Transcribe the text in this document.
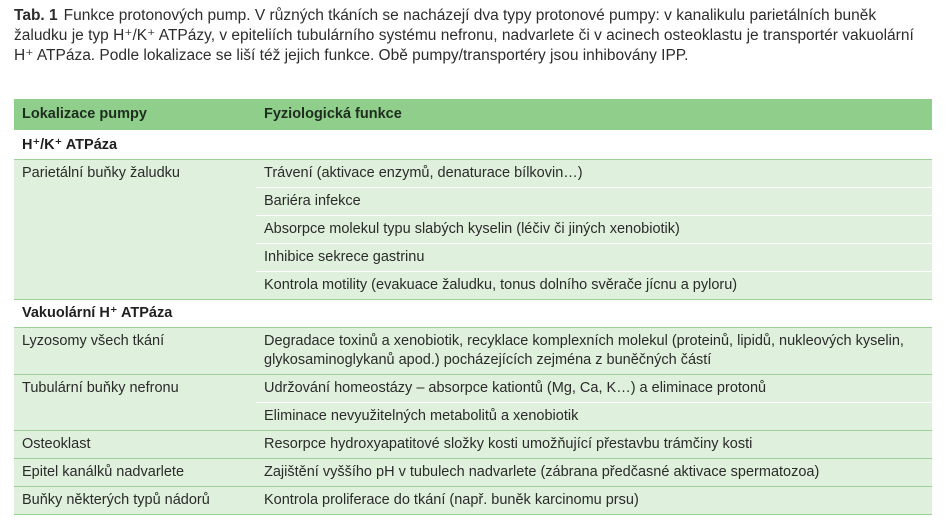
Tab. 1 Funkce protonových pump. V různých tkáních se nacházejí dva typy protonové pumpy: v kanalikulu parietálních buněk žaludku je typ H⁺/K⁺ ATPázy, v epiteliích tubulárního systému nefronu, nadvarlete či v acinech osteoklastu je transportér vakuolární H⁺ ATPáza. Podle lokalizace se liší též jejich funkce. Obě pumpy/transportéry jsou inhibovány IPP.
Lokalizace pumpy	Fyziologická funkce
H⁺/K⁺ ATPáza	
Parietální buňky žaludku	Trávení (aktivace enzymů, denaturace bílkovin…)
	Bariéra infekce
	Absorpce molekul typu slabých kyselin (léčiv či jiných xenobiotik)
	Inhibice sekrece gastrinu
	Kontrola motility (evakuace žaludku, tonus dolního svěrače jícnu a pyloru)
Vakuolární H⁺ ATPáza	
Lyzosomy všech tkání	Degradace toxinů a xenobiotik, recyklace komplexních molekul (proteinů, lipidů, nukleových kyselin, glykosaminoglykanů apod.) pocházejících zejména z buněčných částí
Tubulární buňky nefronu	Udržování homeostázy – absorpce kationtů (Mg, Ca, K…) a eliminace protonů
	Eliminace nevyužitelných metabolitů a xenobiotik
Osteoklast	Resorpce hydroxyapatitové složky kosti umožňující přestavbu trámčiny kosti
Epitel kanálků nadvarlete	Zajištění vyššího pH v tubulech nadvarlete (zábrana předčasné aktivace spermatozoa)
Buňky některých typů nádorů	Kontrola proliferace do tkání (např. buněk karcinomu prsu)
